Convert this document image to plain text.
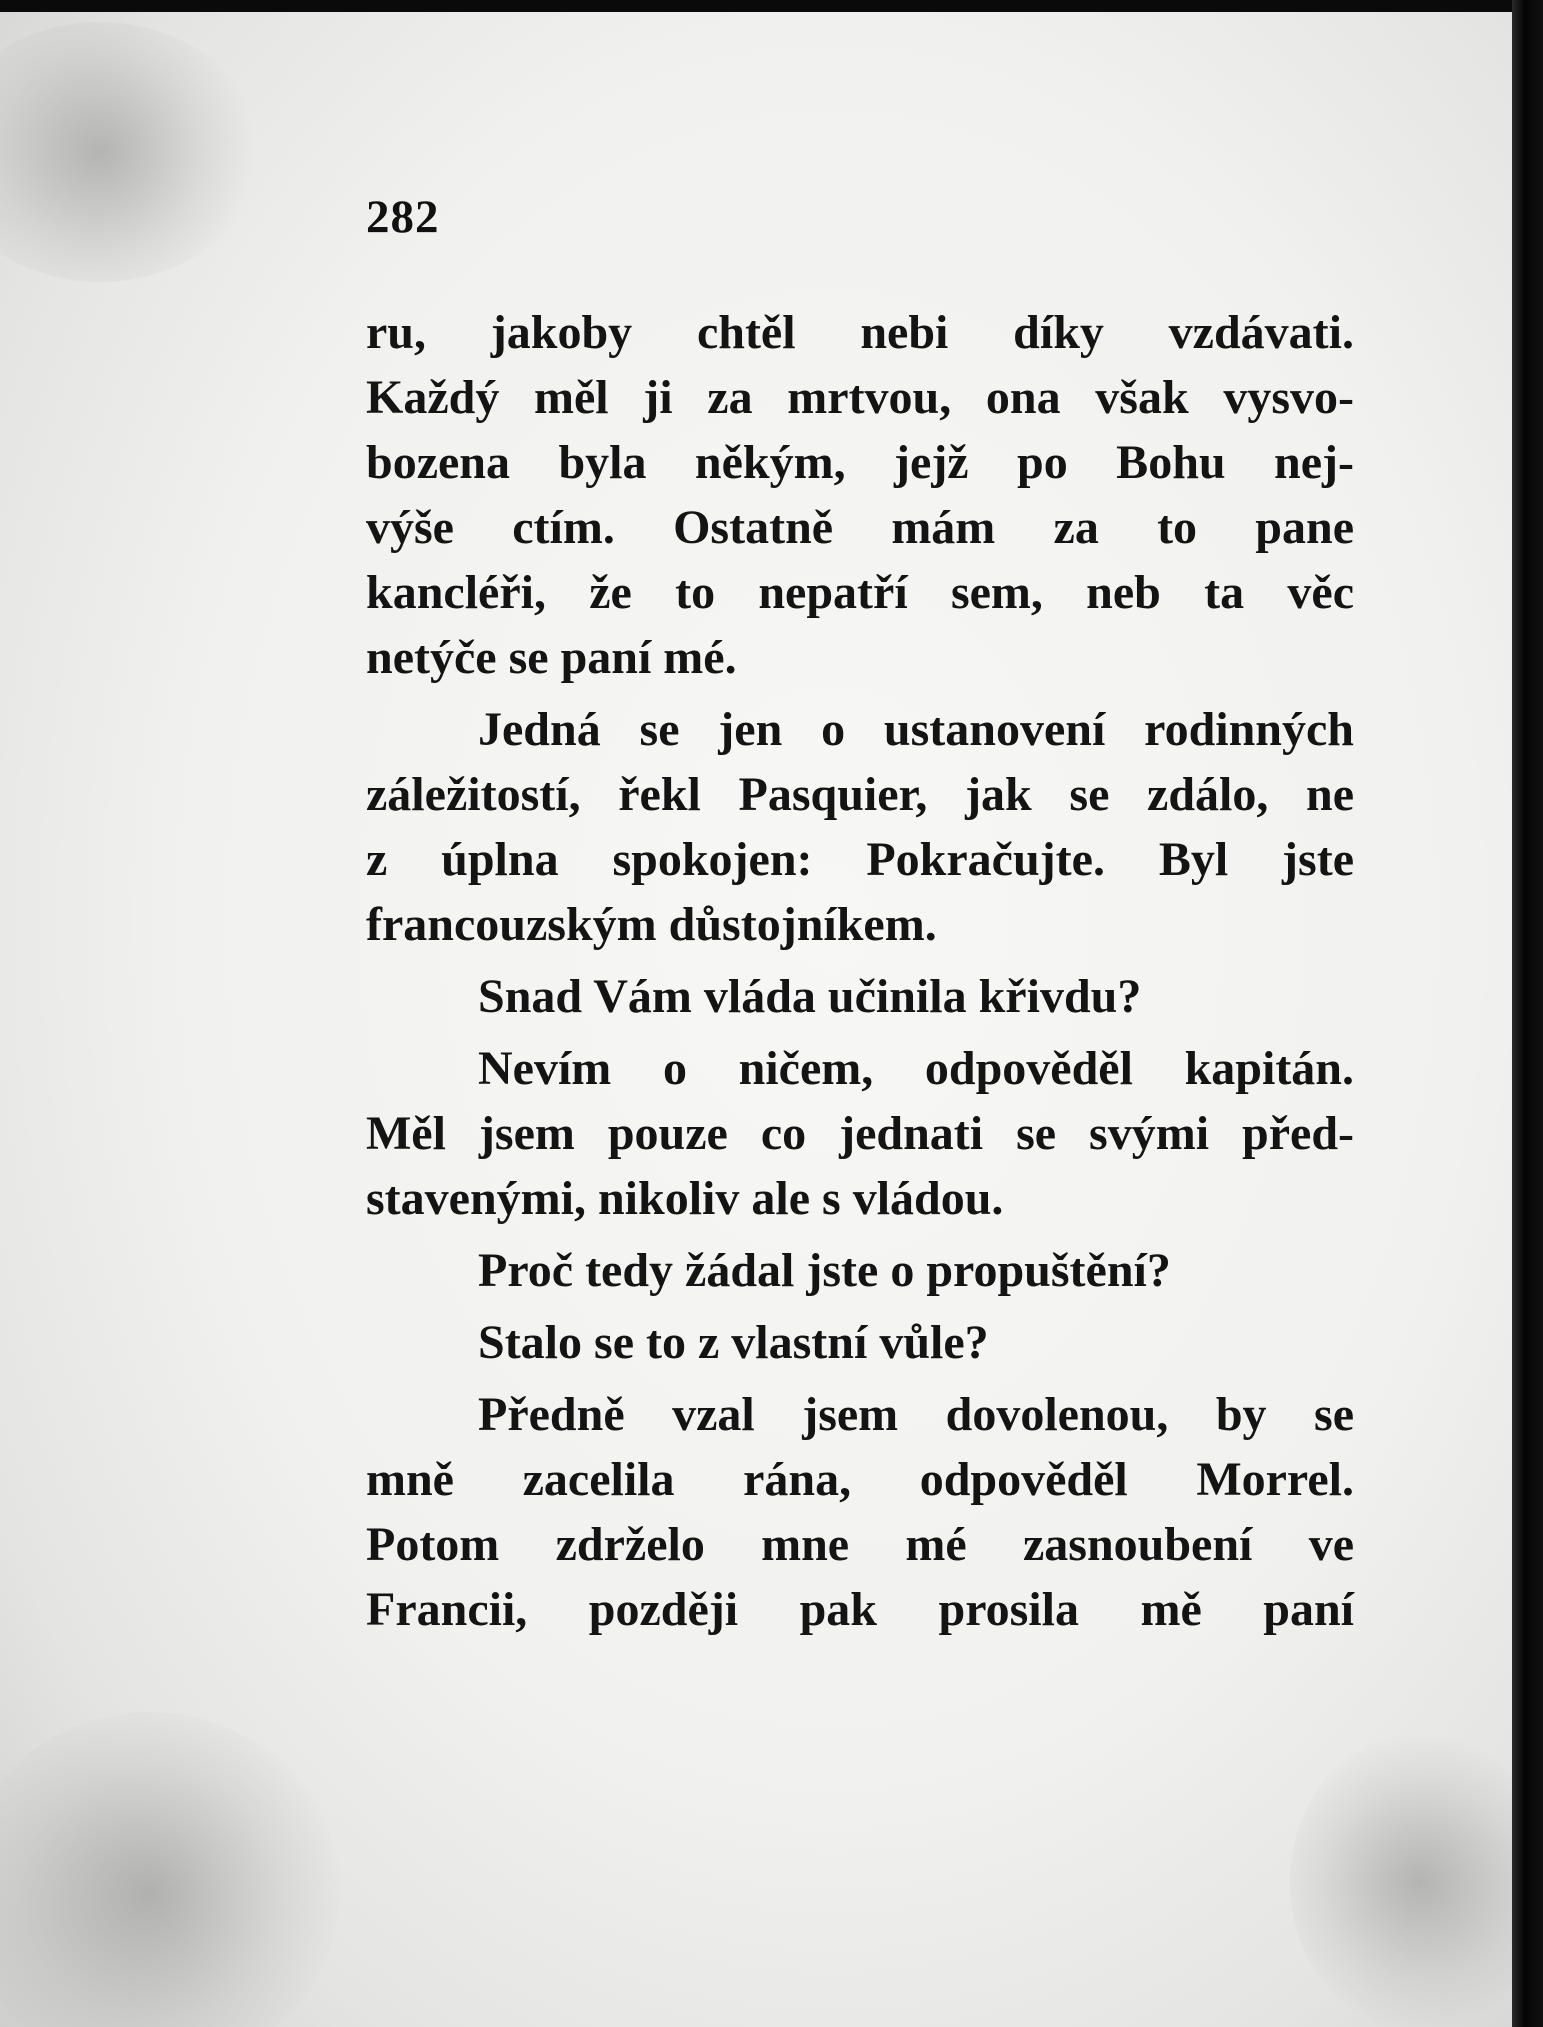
282
ru, jakoby chtěl nebi díky vzdávati.
Každý měl ji za mrtvou, ona však vysvo-
bozena byla někým, jejž po Bohu nej-
výše ctím. Ostatně mám za to pane
kancléři, že to nepatří sem, neb ta věc
netýče se paní mé.
Jedná se jen o ustanovení rodinných
záležitostí, řekl Pasquier, jak se zdálo, ne
z úplna spokojen: Pokračujte. Byl jste
francouzským důstojníkem.
Snad Vám vláda učinila křivdu?
Nevím o ničem, odpověděl kapitán.
Měl jsem pouze co jednati se svými před-
stavenými, nikoliv ale s vládou.
Proč tedy žádal jste o propuštění?
Stalo se to z vlastní vůle?
Předně vzal jsem dovolenou, by se
mně zacelila rána, odpověděl Morrel.
Potom zdrželo mne mé zasnoubení ve
Francii, později pak prosila mě paní
